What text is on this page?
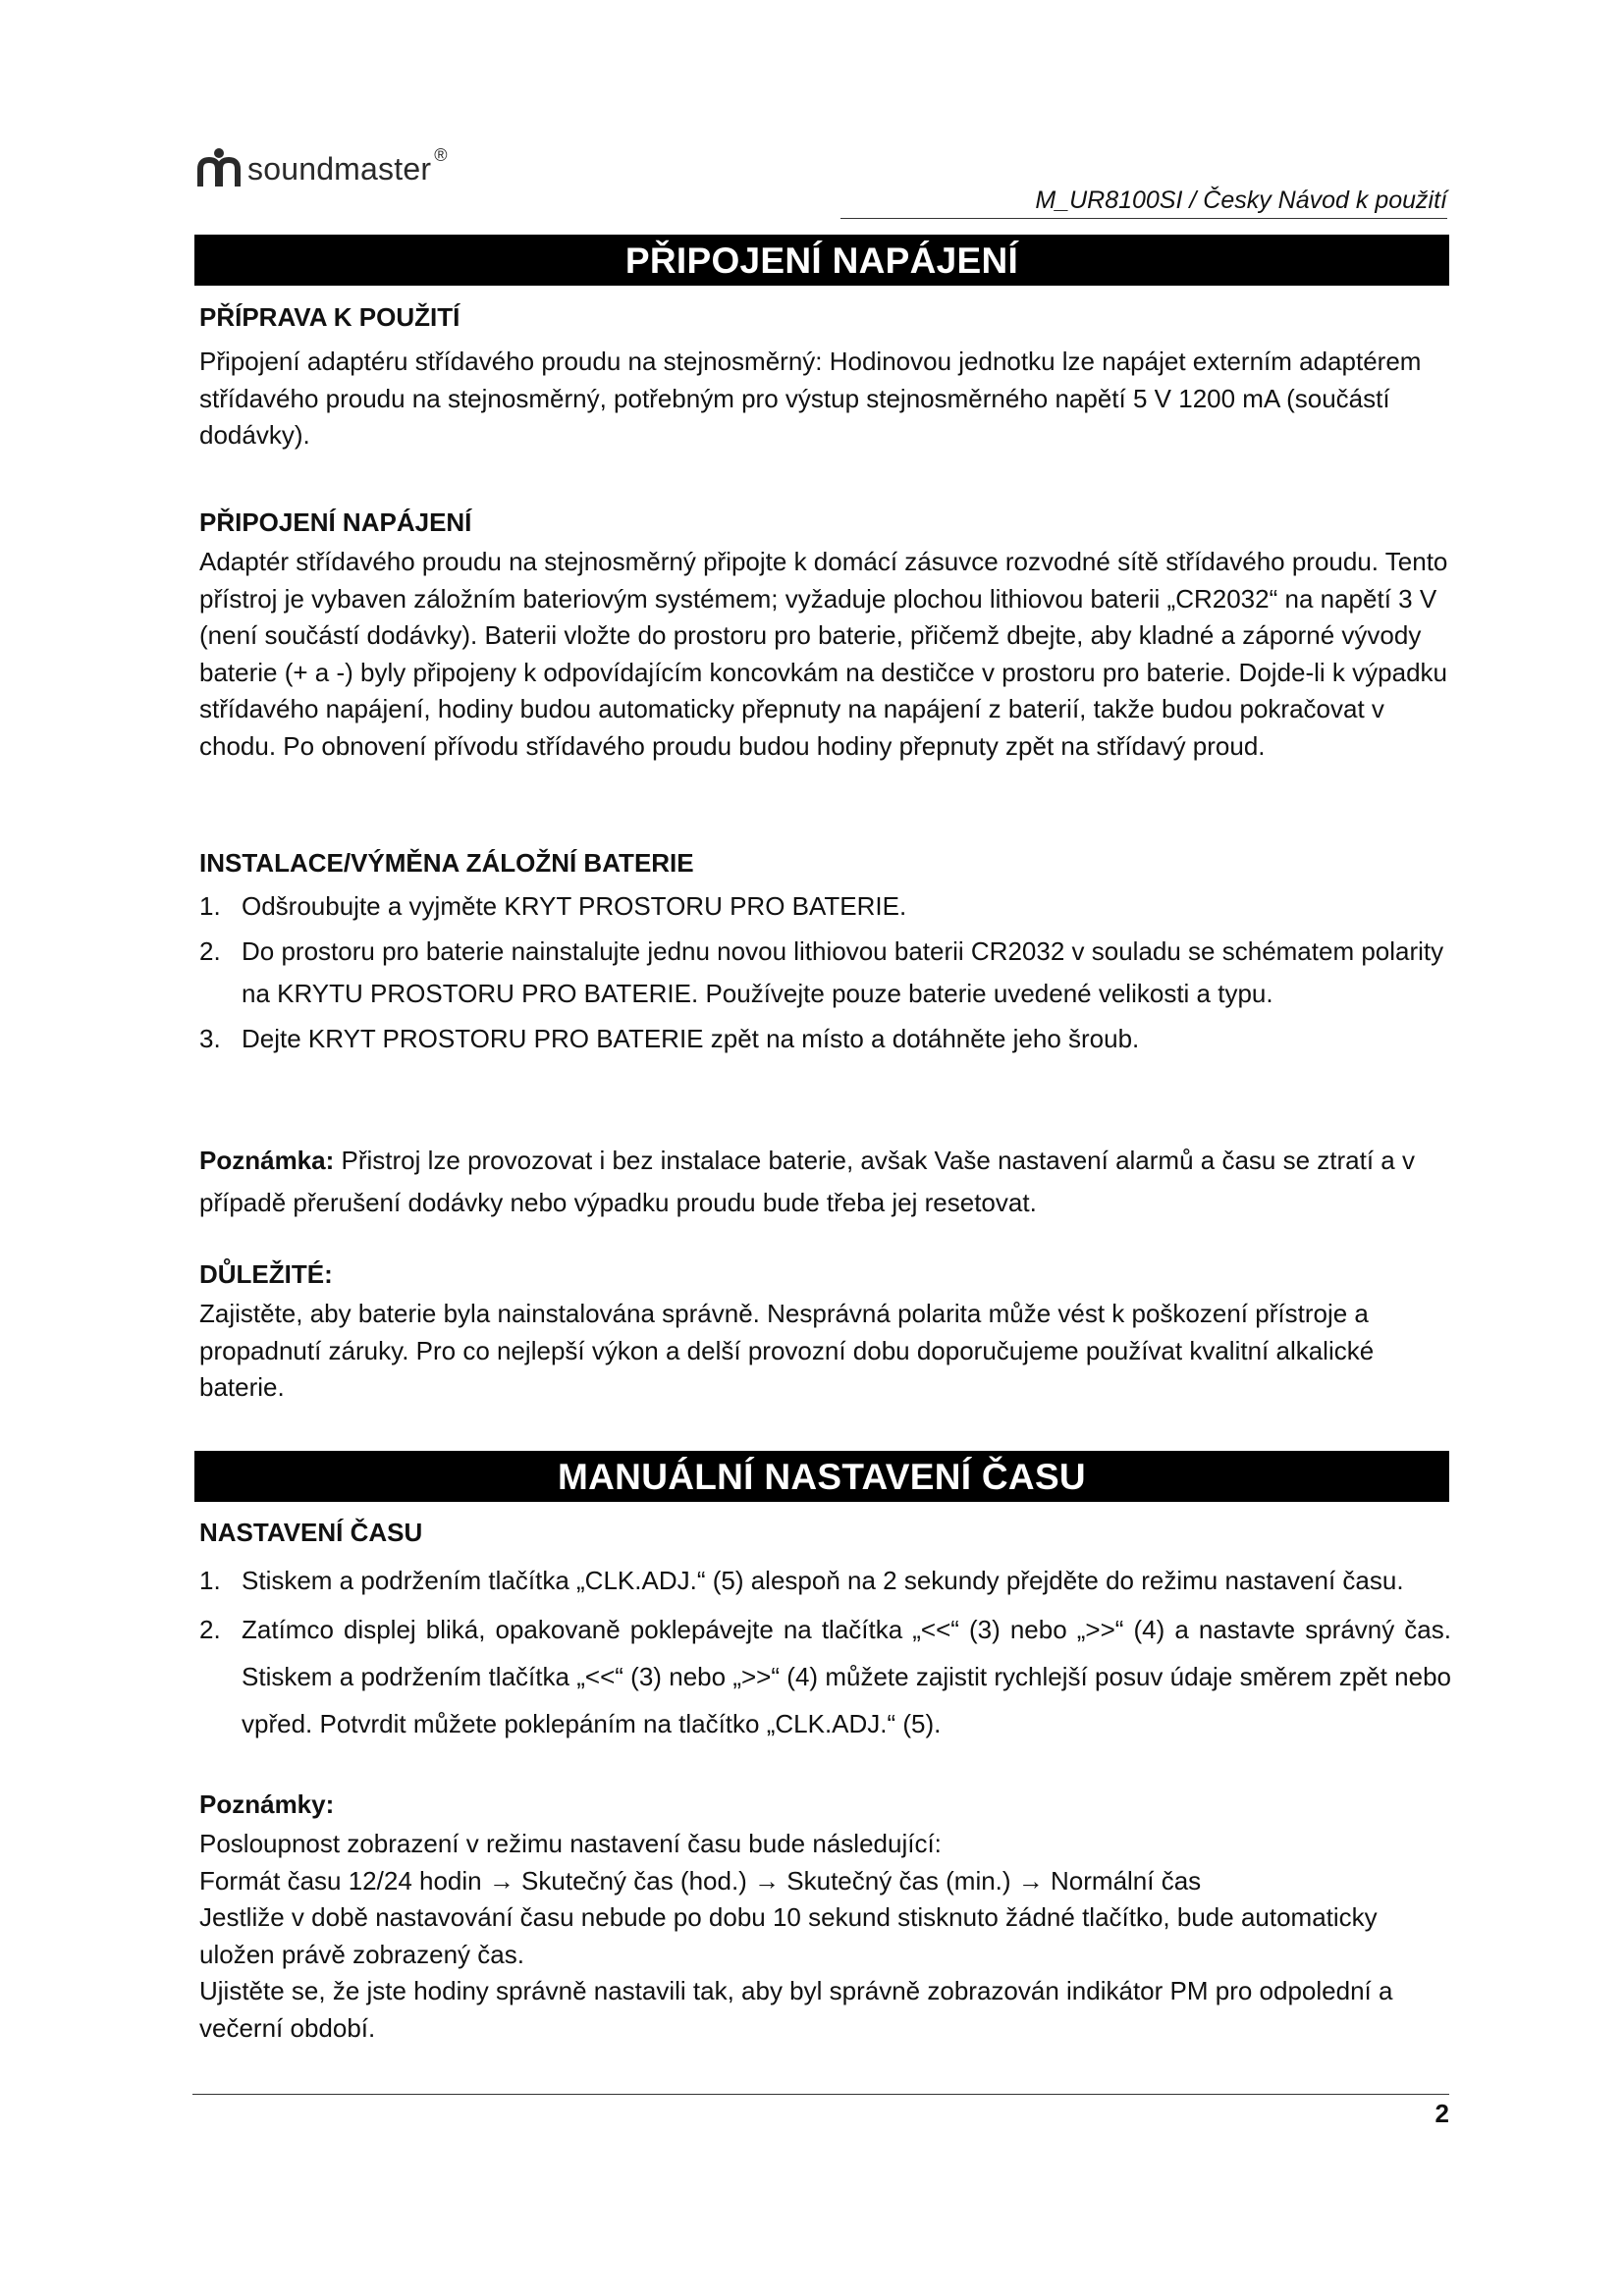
soundmaster ®
M_UR8100SI / Česky Návod k použití
PŘIPOJENÍ NAPÁJENÍ
PŘÍPRAVA K POUŽITÍ

Připojení adaptéru střídavého proudu na stejnosměrný: Hodinovou jednotku lze napájet externím adaptérem střídavého proudu na stejnosměrný, potřebným pro výstup stejnosměrného napětí 5 V 1200 mA (součástí dodávky).

PŘIPOJENÍ NAPÁJENÍ

Adaptér střídavého proudu na stejnosměrný připojte k domácí zásuvce rozvodné sítě střídavého proudu. Tento přístroj je vybaven záložním bateriovým systémem; vyžaduje plochou lithiovou baterii „CR2032“ na napětí 3 V (není součástí dodávky). Baterii vložte do prostoru pro baterie, přičemž dbejte, aby kladné a záporné vývody baterie (+ a -) byly připojeny k odpovídajícím koncovkám na destičce v prostoru pro baterie. Dojde-li k výpadku střídavého napájení, hodiny budou automaticky přepnuty na napájení z baterií, takže budou pokračovat v chodu. Po obnovení přívodu střídavého proudu budou hodiny přepnuty zpět na střídavý proud.

INSTALACE/VÝMĚNA ZÁLOŽNÍ BATERIE
1. Odšroubujte a vyjměte KRYT PROSTORU PRO BATERIE.
2. Do prostoru pro baterie nainstalujte jednu novou lithiovou baterii CR2032 v souladu se schématem polarity na KRYTU PROSTORU PRO BATERIE. Používejte pouze baterie uvedené velikosti a typu.
3. Dejte KRYT PROSTORU PRO BATERIE zpět na místo a dotáhněte jeho šroub.

Poznámka: Přistroj lze provozovat i bez instalace baterie, avšak Vaše nastavení alarmů a času se ztratí a v případě přerušení dodávky nebo výpadku proudu bude třeba jej resetovat.

DŮLEŽITÉ:

Zajistěte, aby baterie byla nainstalována správně. Nesprávná polarita může vést k poškození přístroje a propadnutí záruky. Pro co nejlepší výkon a delší provozní dobu doporučujeme používat kvalitní alkalické baterie.

MANUÁLNÍ NASTAVENÍ ČASU
NASTAVENÍ ČASU
1. Stiskem a podržením tlačítka „CLK.ADJ.“ (5) alespoň na 2 sekundy přejděte do režimu nastavení času.
2. Zatímco displej bliká, opakovaně poklepávejte na tlačítka „<<“ (3) nebo „>>“ (4) a nastavte správný čas. Stiskem a podržením tlačítka „<<“ (3) nebo „>>“ (4) můžete zajistit rychlejší posuv údaje směrem zpět nebo vpřed. Potvrdit můžete poklepáním na tlačítko „CLK.ADJ.“ (5).
Poznámky:
Posloupnost zobrazení v režimu nastavení času bude následující:
Formát času 12/24 hodin → Skutečný čas (hod.) → Skutečný čas (min.) → Normální čas
Jestliže v době nastavování času nebude po dobu 10 sekund stisknuto žádné tlačítko, bude automaticky uložen právě zobrazený čas.
Ujistěte se, že jste hodiny správně nastavili tak, aby byl správně zobrazován indikátor PM pro odpolední a večerní období.
2
